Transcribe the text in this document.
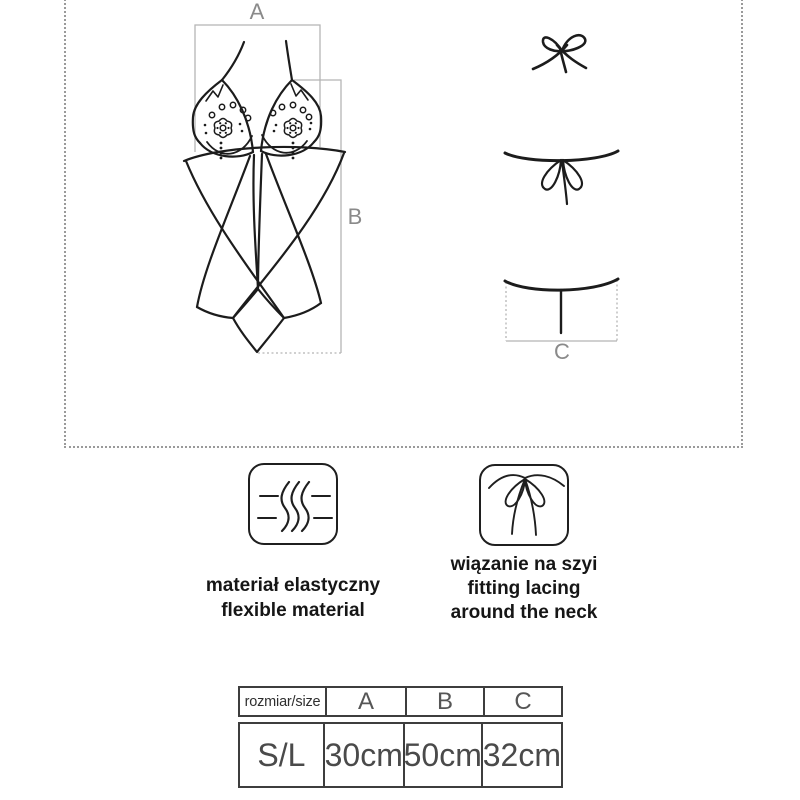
A
B
C
materiał elastyczny
flexible material
wiązanie na szyi
fitting lacing
around the neck
rozmiar/size	A	B	C
S/L 30cm 50cm 32cm
